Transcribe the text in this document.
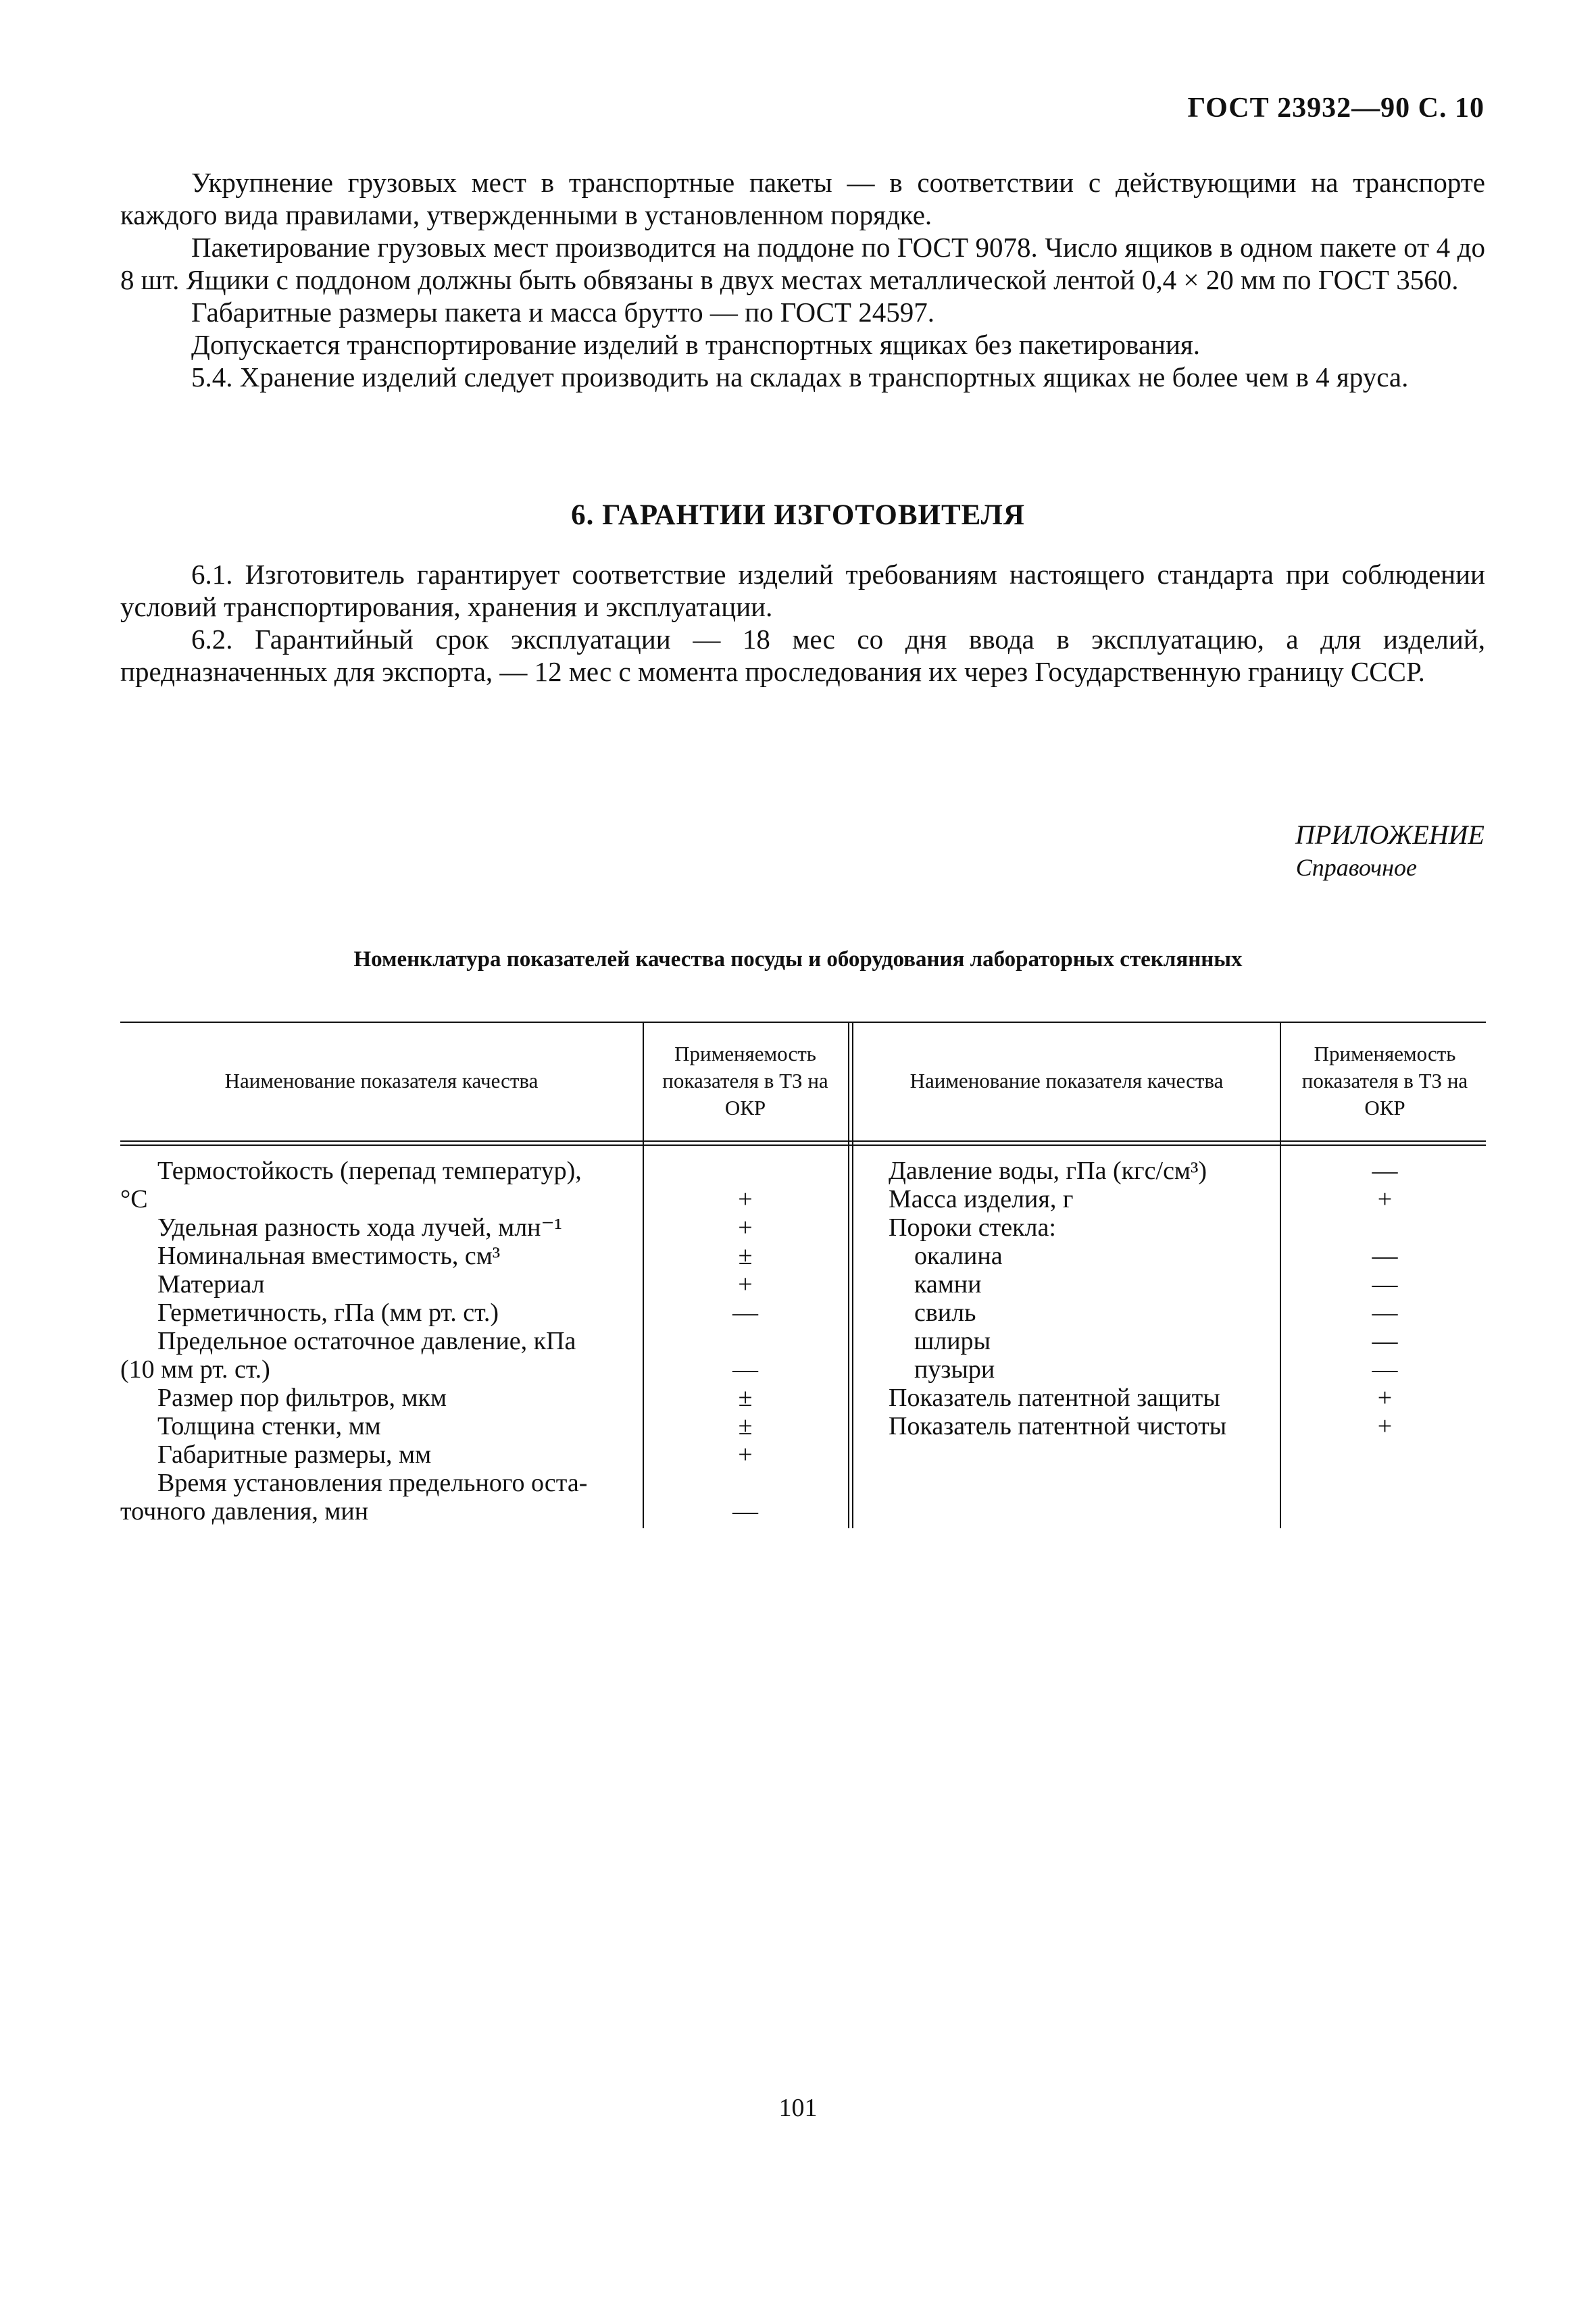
ГОСТ 23932—90 С. 10

Укрупнение грузовых мест в транспортные пакеты — в соответствии с действующими на транспорте каждого вида правилами, утвержденными в установленном порядке.

Пакетирование грузовых мест производится на поддоне по ГОСТ 9078. Число ящиков в одном пакете от 4 до 8 шт. Ящики с поддоном должны быть обвязаны в двух местах металлической лентой 0,4 × 20 мм по ГОСТ 3560.

Габаритные размеры пакета и масса брутто — по ГОСТ 24597.

Допускается транспортирование изделий в транспортных ящиках без пакетирования.

5.4. Хранение изделий следует производить на складах в транспортных ящиках не более чем в 4 яруса.

6. ГАРАНТИИ ИЗГОТОВИТЕЛЯ

6.1. Изготовитель гарантирует соответствие изделий требованиям настоящего стандарта при соблюдении условий транспортирования, хранения и эксплуатации.

6.2. Гарантийный срок эксплуатации — 18 мес со дня ввода в эксплуатацию, а для изделий, предназначенных для экспорта, — 12 мес с момента проследования их через Государственную границу СССР.

ПРИЛОЖЕНИЕ
Справочное
Номенклатура показателей качества посуды и оборудования лабораторных стеклянных
Наименование показателя качества
Применяемость показателя в ТЗ на ОКР
Наименование показателя качества
Применяемость показателя в ТЗ на ОКР
Термостойкость (перепад температур),
°С
Удельная разность хода лучей, млн⁻¹
Номинальная вместимость, см³
Материал
Герметичность, гПа (мм рт. ст.)
Предельное остаточное давление, кПа
(10 мм рт. ст.)
Размер пор фильтров, мкм
Толщина стенки, мм
Габаритные размеры, мм
Время установления предельного оста-
точного давления, мин

+
+
±
+
—

—
±
±
+

—
Давление воды, гПа (кгс/см³)
Масса изделия, г
Пороки стекла:
окалина
камни
свиль
шлиры
пузыри
Показатель патентной защиты
Показатель патентной чистоты
—
+

—
—
—
—
—
+
+
101
